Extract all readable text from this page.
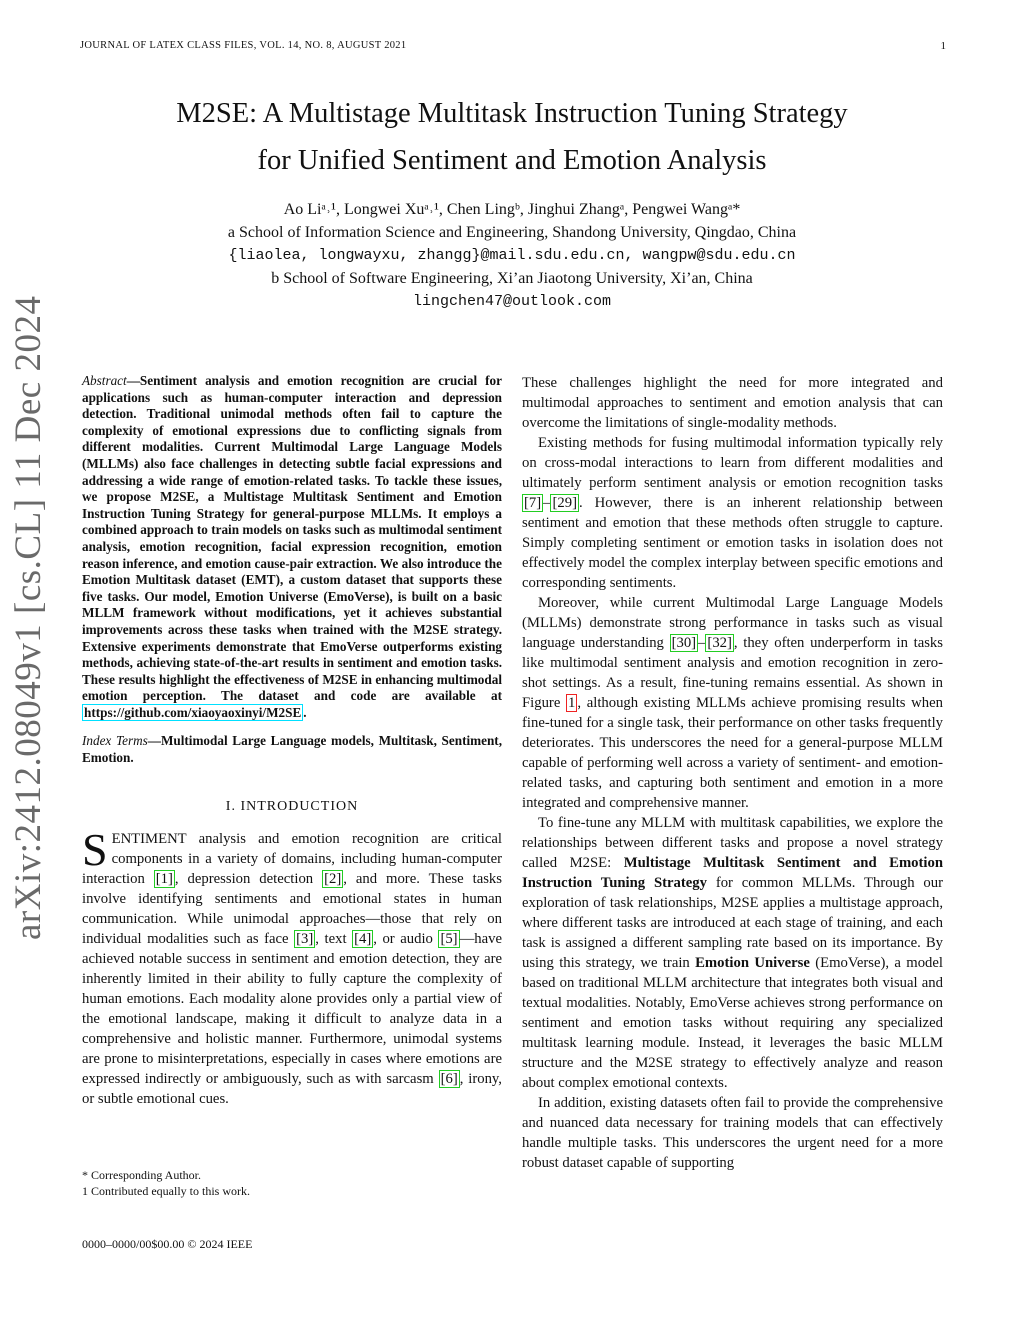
JOURNAL OF LATEX CLASS FILES, VOL. 14, NO. 8, AUGUST 2021	1
arXiv:2412.08049v1 [cs.CL] 11 Dec 2024
M2SE: A Multistage Multitask Instruction Tuning Strategy
for Unified Sentiment and Emotion Analysis
Ao Liᵃ˒¹, Longwei Xuᵃ˒¹, Chen Lingᵇ, Jinghui Zhangᵃ, Pengwei Wangᵃ*
a School of Information Science and Engineering, Shandong University, Qingdao, China
{liaolea, longwayxu, zhangg}@mail.sdu.edu.cn, wangpw@sdu.edu.cn
b School of Software Engineering, Xi’an Jiaotong University, Xi’an, China
lingchen47@outlook.com
Abstract—Sentiment analysis and emotion recognition are crucial for applications such as human-computer interaction and depression detection. Traditional unimodal methods often fail to capture the complexity of emotional expressions due to conflicting signals from different modalities. Current Multimodal Large Language Models (MLLMs) also face challenges in detecting subtle facial expressions and addressing a wide range of emotion-related tasks. To tackle these issues, we propose M2SE, a Multistage Multitask Sentiment and Emotion Instruction Tuning Strategy for general-purpose MLLMs. It employs a combined approach to train models on tasks such as multimodal sentiment analysis, emotion recognition, facial expression recognition, emotion reason inference, and emotion cause-pair extraction. We also introduce the Emotion Multitask dataset (EMT), a custom dataset that supports these five tasks. Our model, Emotion Universe (EmoVerse), is built on a basic MLLM framework without modifications, yet it achieves substantial improvements across these tasks when trained with the M2SE strategy. Extensive experiments demonstrate that EmoVerse outperforms existing methods, achieving state-of-the-art results in sentiment and emotion tasks. These results highlight the effectiveness of M2SE in enhancing multimodal emotion perception. The dataset and code are available at https://github.com/xiaoyaoxinyi/M2SE .
Index Terms—Multimodal Large Language models, Multitask, Sentiment, Emotion.
I. INTRODUCTION

SENTIMENT analysis and emotion recognition are critical components in a variety of domains, including human-computer interaction [1] , depression detection [2] , and more. These tasks involve identifying sentiments and emotional states in human communication. While unimodal approaches—those that rely on individual modalities such as face [3] , text [4] , or audio [5] —have achieved notable success in sentiment and emotion detection, they are inherently limited in their ability to fully capture the complexity of human emotions. Each modality alone provides only a partial view of the emotional landscape, making it difficult to analyze data in a comprehensive and holistic manner. Furthermore, unimodal systems are prone to misinterpretations, especially in cases where emotions are expressed indirectly or ambiguously, such as with sarcasm [6] , irony, or subtle emotional cues.

These challenges highlight the need for more integrated and multimodal approaches to sentiment and emotion analysis that can overcome the limitations of single-modality methods.

Existing methods for fusing multimodal information typically rely on cross-modal interactions to learn from different modalities and ultimately perform sentiment analysis or emotion recognition tasks [7] – [29] . However, there is an inherent relationship between sentiment and emotion that these methods often struggle to capture. Simply completing sentiment or emotion tasks in isolation does not effectively model the complex interplay between specific emotions and corresponding sentiments.

Moreover, while current Multimodal Large Language Models (MLLMs) demonstrate strong performance in tasks such as visual language understanding [30] – [32] , they often underperform in tasks like multimodal sentiment analysis and emotion recognition in zero-shot settings. As a result, fine-tuning remains essential. As shown in Figure 1 , although existing MLLMs achieve promising results when fine-tuned for a single task, their performance on other tasks frequently deteriorates. This underscores the need for a general-purpose MLLM capable of performing well across a variety of sentiment- and emotion-related tasks, and capturing both sentiment and emotion in a more integrated and comprehensive manner.

To fine-tune any MLLM with multitask capabilities, we explore the relationships between different tasks and propose a novel strategy called M2SE: Multistage Multitask Sentiment and Emotion Instruction Tuning Strategy for common MLLMs. Through our exploration of task relationships, M2SE applies a multistage approach, where different tasks are introduced at each stage of training, and each task is assigned a different sampling rate based on its importance. By using this strategy, we train Emotion Universe (EmoVerse), a model based on traditional MLLM architecture that integrates both visual and textual modalities. Notably, EmoVerse achieves strong performance on sentiment and emotion tasks without requiring any specialized multitask learning module. Instead, it leverages the basic MLLM structure and the M2SE strategy to effectively analyze and reason about complex emotional contexts.

In addition, existing datasets often fail to provide the comprehensive and nuanced data necessary for training models that can effectively handle multiple tasks. This underscores the urgent need for a more robust dataset capable of supporting

* Corresponding Author.
1 Contributed equally to this work.
0000–0000/00$00.00 © 2024 IEEE
